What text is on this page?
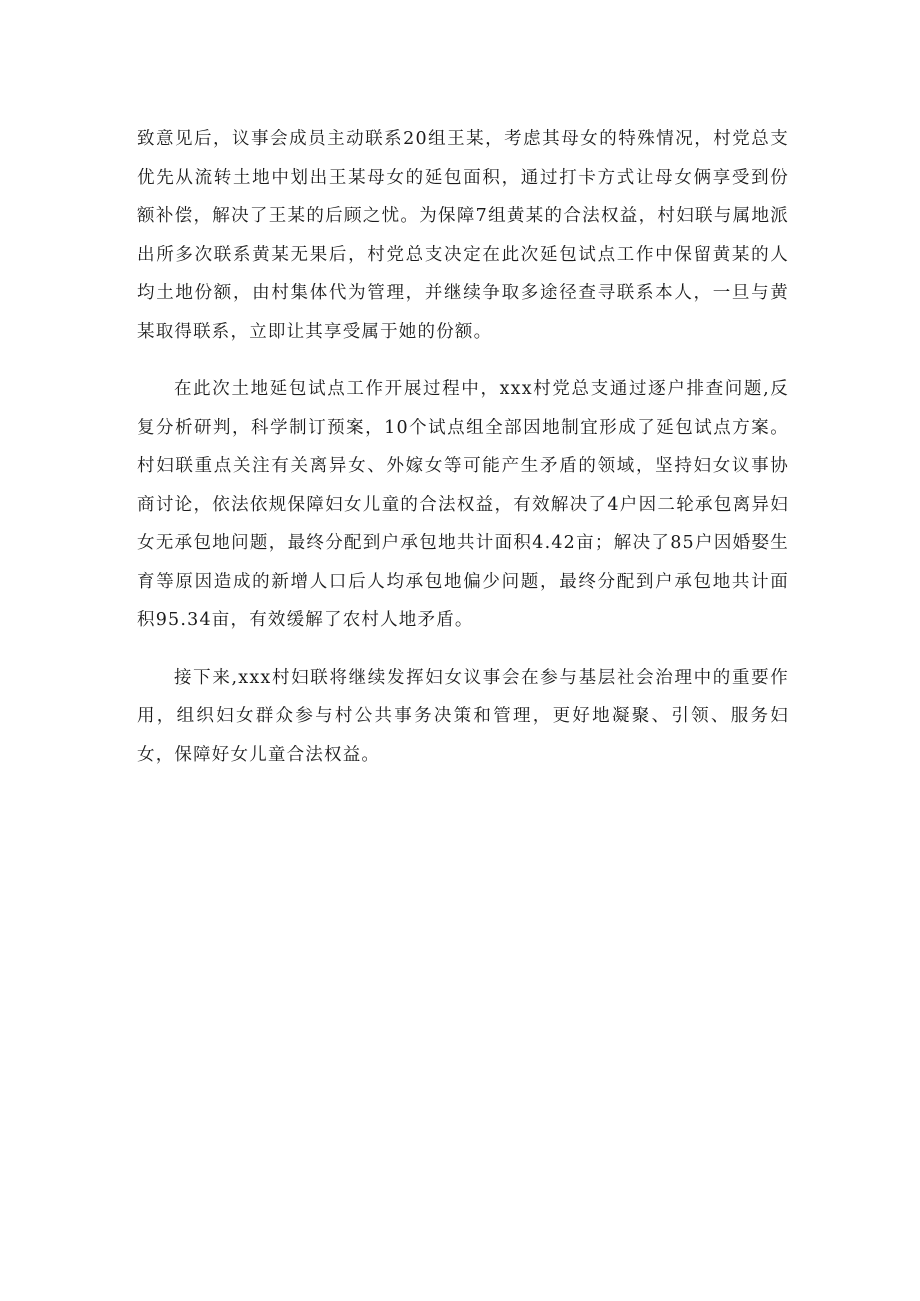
致意见后，议事会成员主动联系20组王某，考虑其母女的特殊情况，村党总支优先从流转土地中划出王某母女的延包面积，通过打卡方式让母女俩享受到份额补偿，解决了王某的后顾之忧。为保障7组黄某的合法权益，村妇联与属地派出所多次联系黄某无果后，村党总支决定在此次延包试点工作中保留黄某的人均土地份额，由村集体代为管理，并继续争取多途径查寻联系本人，一旦与黄某取得联系，立即让其享受属于她的份额。

在此次土地延包试点工作开展过程中，xxx村党总支通过逐户排查问题,反复分析研判，科学制订预案，10个试点组全部因地制宜形成了延包试点方案。村妇联重点关注有关离异女、外嫁女等可能产生矛盾的领域，坚持妇女议事协商讨论，依法依规保障妇女儿童的合法权益，有效解决了4户因二轮承包离异妇女无承包地问题，最终分配到户承包地共计面积4.42亩；解决了85户因婚娶生育等原因造成的新增人口后人均承包地偏少问题，最终分配到户承包地共计面积95.34亩，有效缓解了农村人地矛盾。

接下来,xxx村妇联将继续发挥妇女议事会在参与基层社会治理中的重要作用，组织妇女群众参与村公共事务决策和管理，更好地凝聚、引领、服务妇女，保障好女儿童合法权益。
